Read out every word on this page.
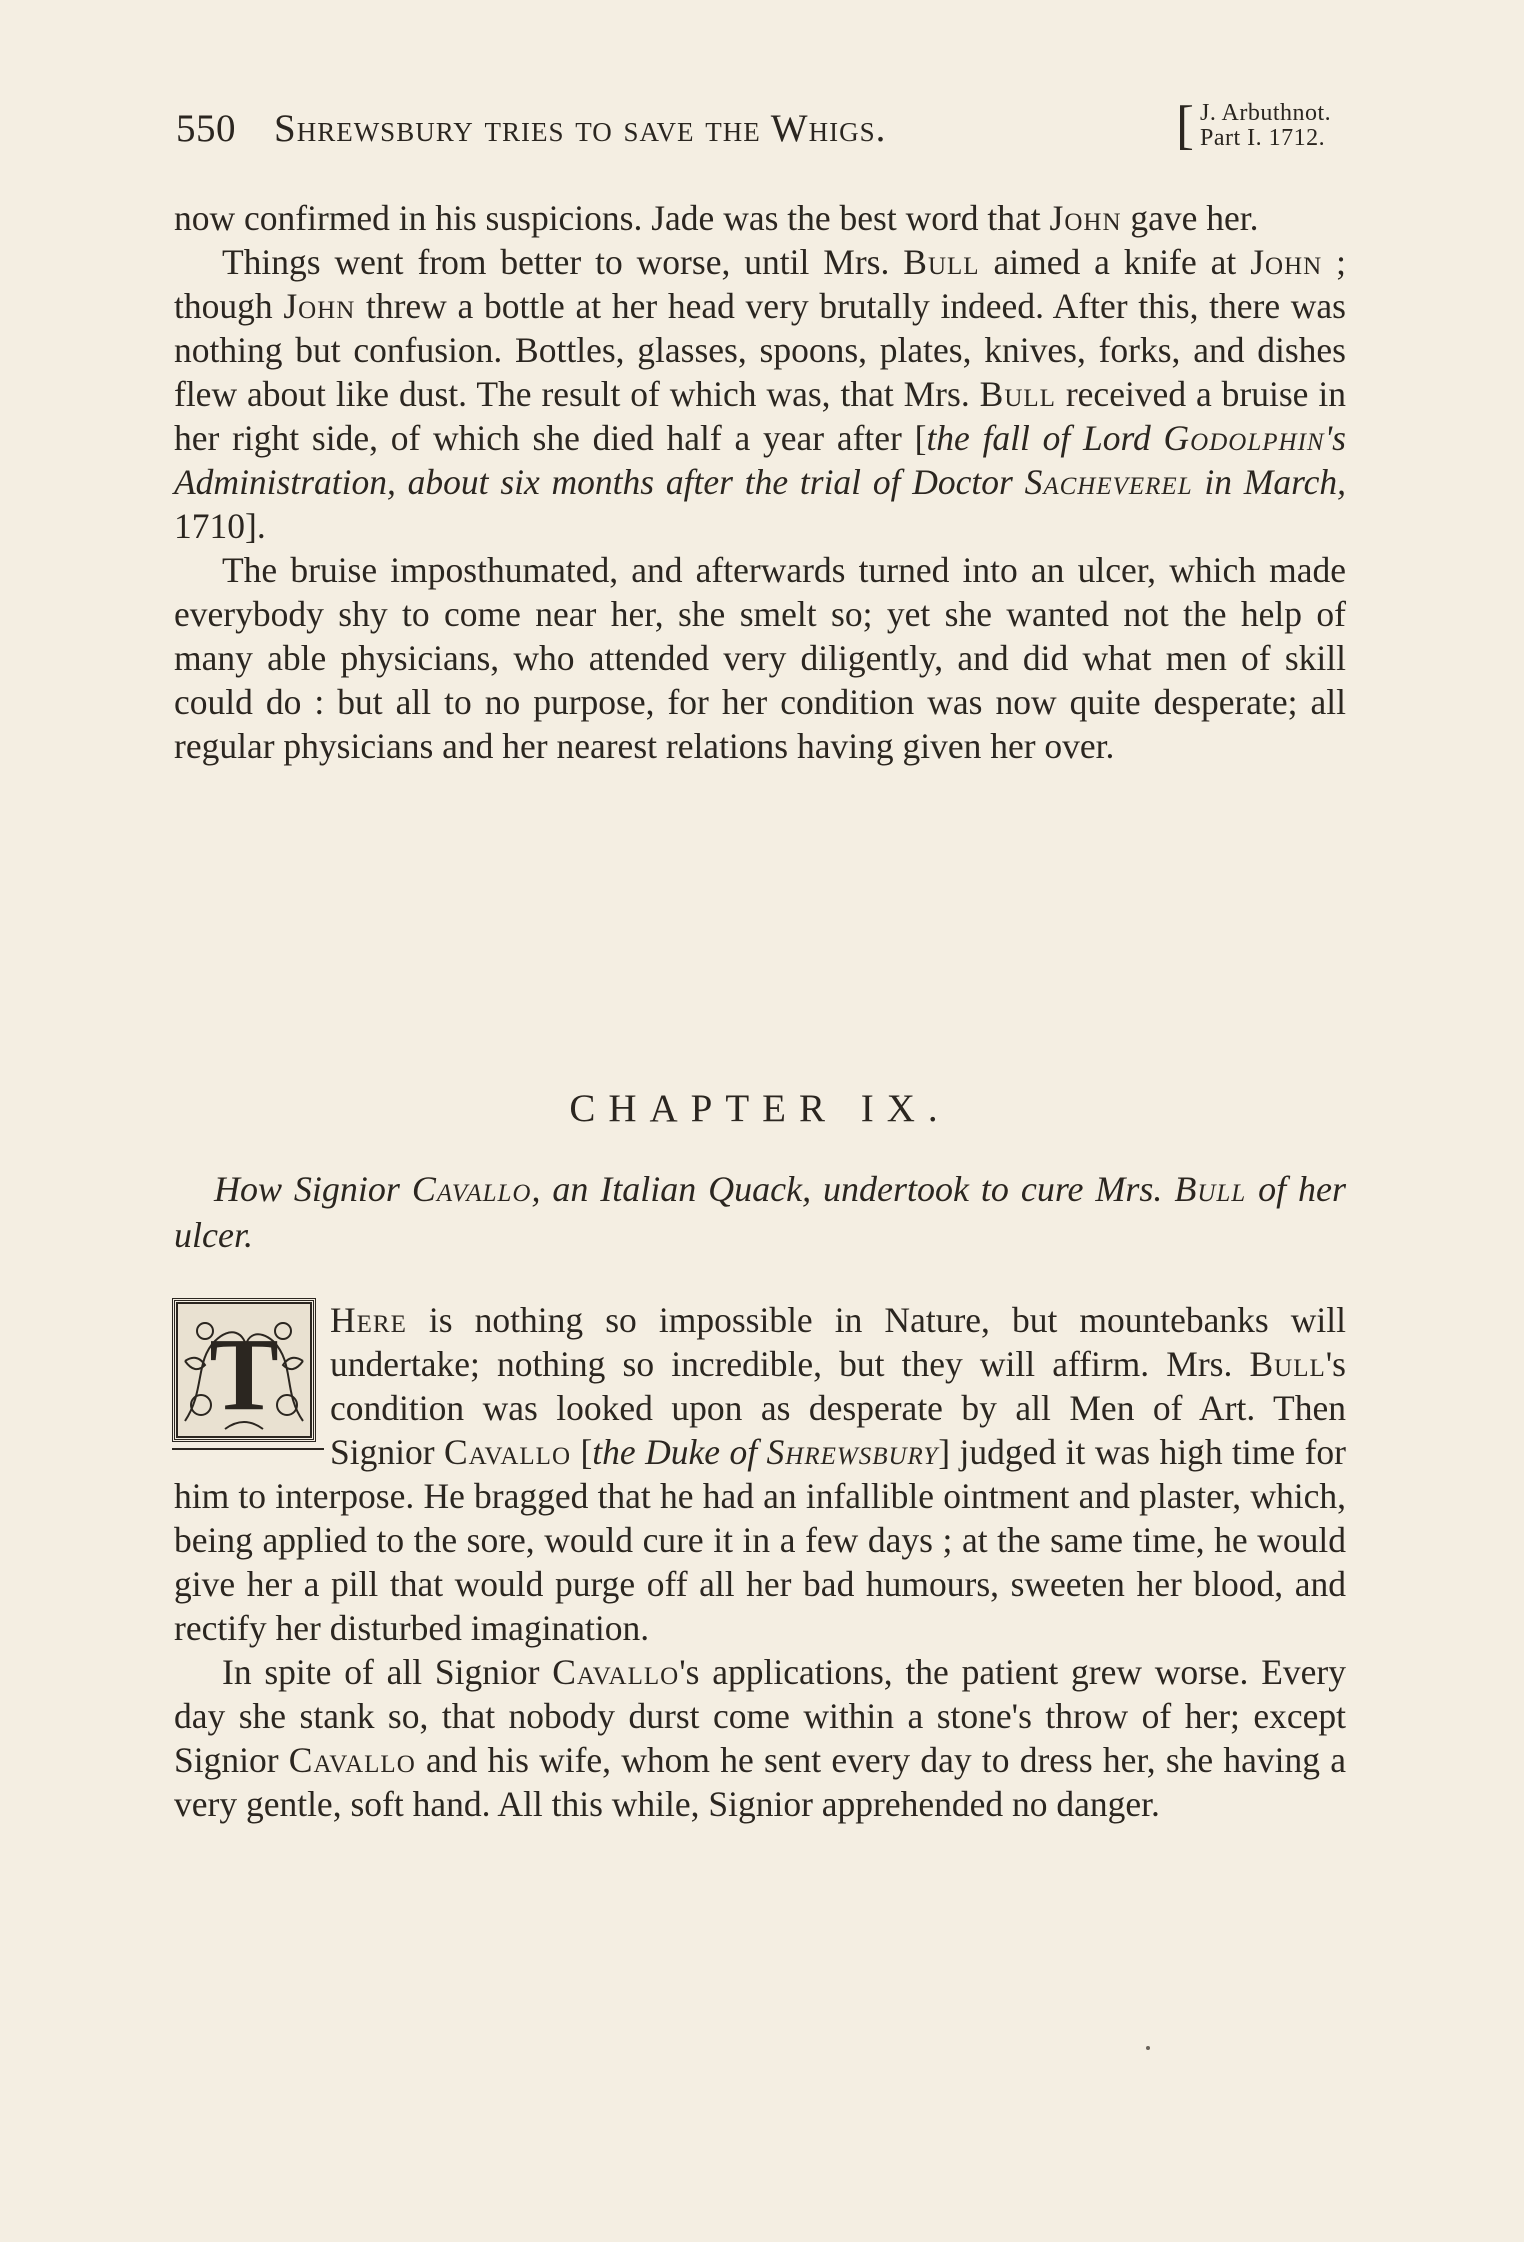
550 Shrewsbury tries to save the Whigs.	[ J. Arbuthnot.
Part I. 1712.

now confirmed in his suspicions. Jade was the best word that John gave her.

Things went from better to worse, until Mrs. Bull aimed a knife at John ; though John threw a bottle at her head very brutally indeed. After this, there was nothing but confusion. Bottles, glasses, spoons, plates, knives, forks, and dishes flew about like dust. The result of which was, that Mrs. Bull received a bruise in her right side, of which she died half a year after [the fall of Lord Godolphin's Administration, about six months after the trial of Doctor Sacheverel in March, 1710].

The bruise imposthumated, and afterwards turned into an ulcer, which made everybody shy to come near her, she smelt so; yet she wanted not the help of many able physicians, who attended very diligently, and did what men of skill could do : but all to no purpose, for her condition was now quite desperate; all regular physicians and her nearest relations having given her over.

CHAPTER IX.

How Signior Cavallo, an Italian Quack, undertook to cure Mrs. Bull of her ulcer.

T	Here is nothing so impossible in Nature, but mountebanks will undertake; nothing so incredible, but they will affirm. Mrs. Bull's condition was looked upon as desperate by all Men of Art. Then Signior Cavallo [the Duke of Shrewsbury] judged it was high time for him to interpose. He bragged that he had an infallible ointment and plaster, which, being applied to the sore, would cure it in a few days ; at the same time, he would give her a pill that would purge off all her bad humours, sweeten her blood, and rectify her disturbed imagination.

In spite of all Signior Cavallo's applications, the patient grew worse. Every day she stank so, that nobody durst come within a stone's throw of her; except Signior Cavallo and his wife, whom he sent every day to dress her, she having a very gentle, soft hand. All this while, Signior apprehended no danger.
